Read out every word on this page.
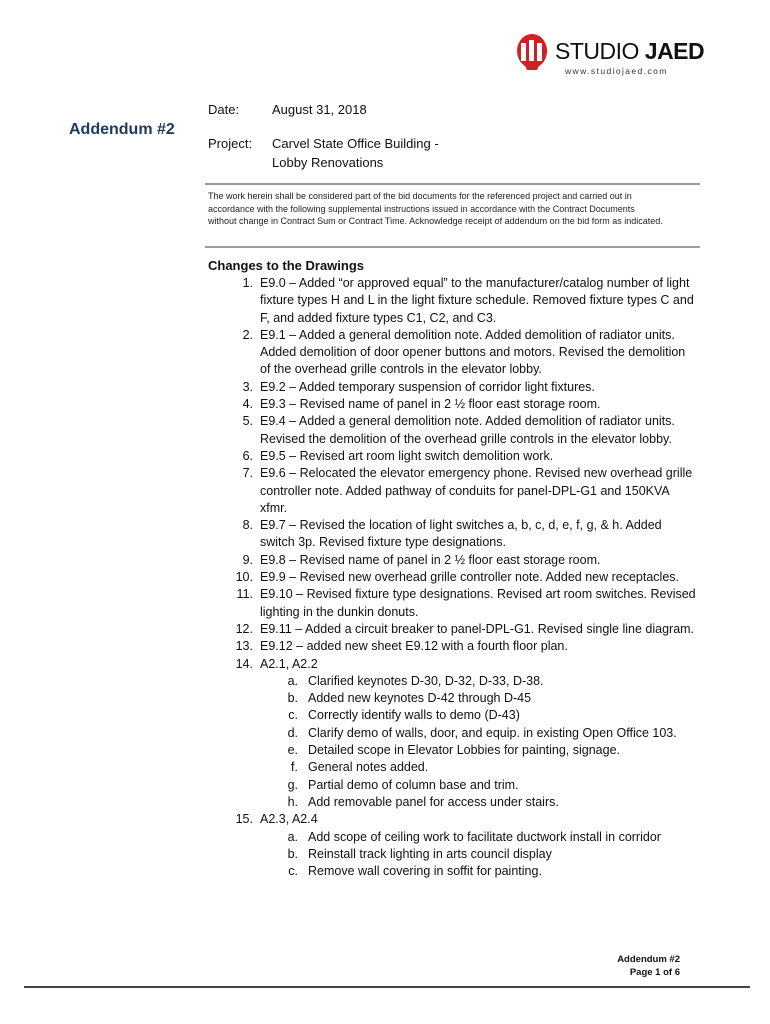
STUDIO JAED
www.studiojaed.com
Date:	August 31, 2018
Addendum #2
Project: Carvel State Office Building -
Lobby Renovations
The work herein shall be considered part of the bid documents for the referenced project and carried out in accordance with the following supplemental instructions issued in accordance with the Contract Documents without change in Contract Sum or Contract Time. Acknowledge receipt of addendum on the bid form as indicated.
Changes to the Drawings
1. E9.0 – Added “or approved equal” to the manufacturer/catalog number of light fixture types H and L in the light fixture schedule. Removed fixture types C and F, and added fixture types C1, C2, and C3.
2. E9.1 – Added a general demolition note. Added demolition of radiator units. Added demolition of door opener buttons and motors. Revised the demolition of the overhead grille controls in the elevator lobby.
3. E9.2 – Added temporary suspension of corridor light fixtures.
4. E9.3 – Revised name of panel in 2 ½ floor east storage room.
5. E9.4 – Added a general demolition note. Added demolition of radiator units. Revised the demolition of the overhead grille controls in the elevator lobby.
6. E9.5 – Revised art room light switch demolition work.
7. E9.6 – Relocated the elevator emergency phone. Revised new overhead grille controller note. Added pathway of conduits for panel-DPL-G1 and 150KVA xfmr.
8. E9.7 – Revised the location of light switches a, b, c, d, e, f, g, & h. Added switch 3p. Revised fixture type designations.
9. E9.8 – Revised name of panel in 2 ½ floor east storage room.
10. E9.9 – Revised new overhead grille controller note. Added new receptacles.
11. E9.10 – Revised fixture type designations. Revised art room switches. Revised lighting in the dunkin donuts.
12. E9.11 – Added a circuit breaker to panel-DPL-G1. Revised single line diagram.
13. E9.12 – added new sheet E9.12 with a fourth floor plan.
14. A2.1, A2.2
a. Clarified keynotes D-30, D-32, D-33, D-38.
b. Added new keynotes D-42 through D-45
c. Correctly identify walls to demo (D-43)
d. Clarify demo of walls, door, and equip. in existing Open Office 103.
e. Detailed scope in Elevator Lobbies for painting, signage.
f. General notes added.
g. Partial demo of column base and trim.
h. Add removable panel for access under stairs.
15. A2.3, A2.4
a. Add scope of ceiling work to facilitate ductwork install in corridor
b. Reinstall track lighting in arts council display
c. Remove wall covering in soffit for painting.
Addendum #2
Page 1 of 6
